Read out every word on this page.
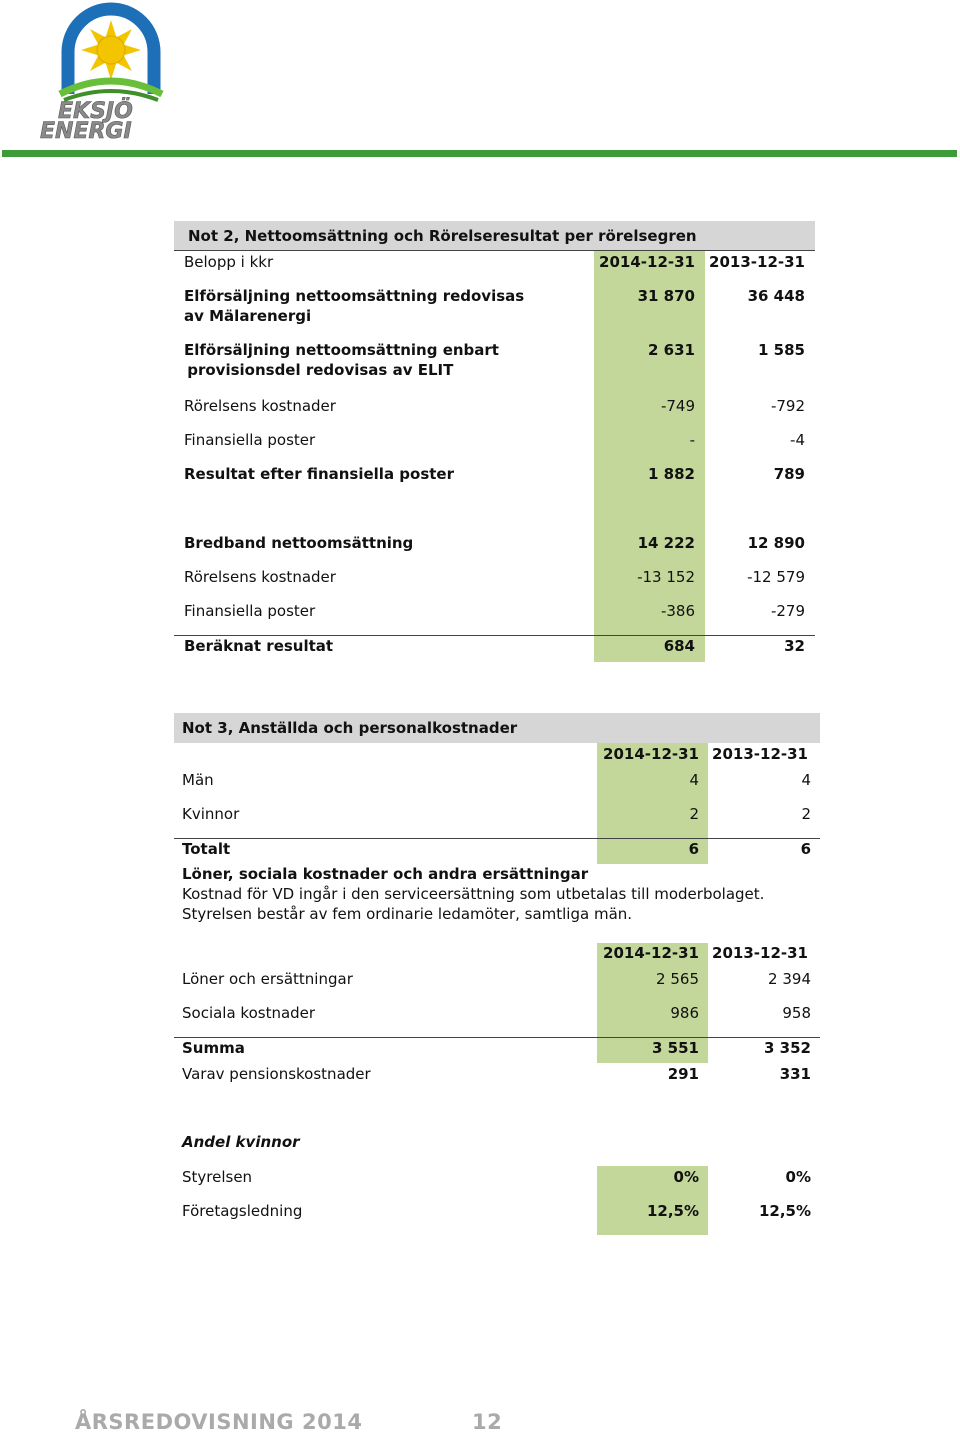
EKSJÖ
ENERGI
Not 2, Nettoomsättning och Rörelseresultat per rörelsegren
Belopp i kkr	2014-12-31 2013-12-31
Elförsäljning nettoomsättning redovisas
av Mälarenergi
31 870	36 448
Elförsäljning nettoomsättning enbart
provisionsdel redovisas av ELIT
2 631	1 585
Rörelsens kostnader	-749	-792
Finansiella poster	-	-4
Resultat efter finansiella poster	1 882	789
Bredband nettoomsättning	14 222	12 890
Rörelsens kostnader	-13 152	-12 579
Finansiella poster	-386	-279
Beräknat resultat	684	32
Not 3, Anställda och personalkostnader
2014-12-31 2013-12-31
Män	4	4
Kvinnor	2	2
Totalt	6	6
Löner, sociala kostnader och andra ersättningar
Kostnad för VD ingår i den serviceersättning som utbetalas till moderbolaget.
Styrelsen består av fem ordinarie ledamöter, samtliga män.
2014-12-31 2013-12-31
Löner och ersättningar	2 565	2 394
Sociala kostnader	986	958
Summa	3 551	3 352
Varav pensionskostnader	291	331
Andel kvinnor
Styrelsen	0%	0%
Företagsledning	12,5%	12,5%
ÅRSREDOVISNING 2014	12
